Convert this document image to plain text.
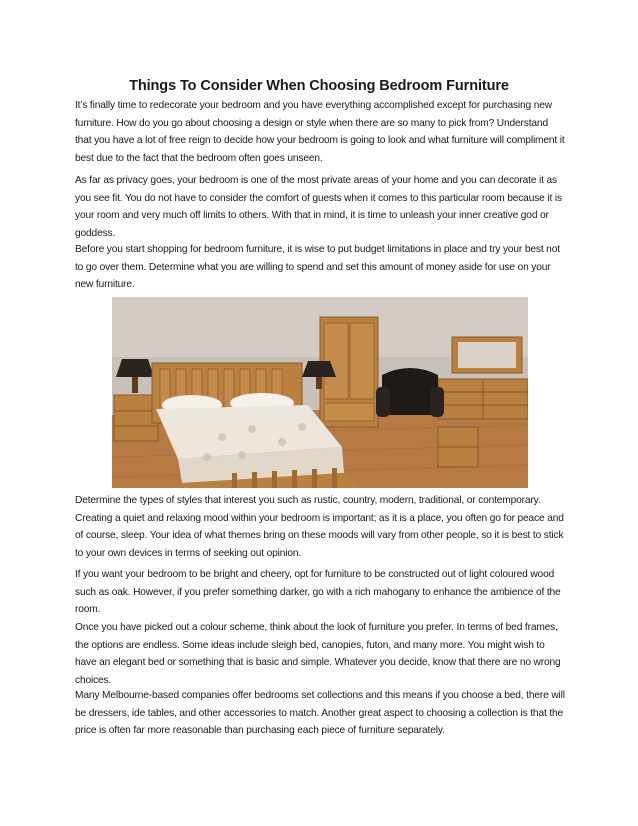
Things To Consider When Choosing Bedroom Furniture

It’s finally time to redecorate your bedroom and you have everything accomplished except for purchasing new furniture. How do you go about choosing a design or style when there are so many to pick from? Understand that you have a lot of free reign to decide how your bedroom is going to look and what furniture will compliment it best due to the fact that the bedroom often goes unseen.

As far as privacy goes, your bedroom is one of the most private areas of your home and you can decorate it as you see fit. You do not have to consider the comfort of guests when it comes to this particular room because it is your room and very much off limits to others. With that in mind, it is time to unleash your inner creative god or goddess.

Before you start shopping for bedroom furniture, it is wise to put budget limitations in place and try your best not to go over them. Determine what you are willing to spend and set this amount of money aside for use on your new furniture.

Determine the types of styles that interest you such as rustic, country, modern, traditional, or contemporary. Creating a quiet and relaxing mood within your bedroom is important; as it is a place, you often go for peace and of course, sleep. Your idea of what themes bring on these moods will vary from other people, so it is best to stick to your own devices in terms of seeking out opinion.

If you want your bedroom to be bright and cheery, opt for furniture to be constructed out of light coloured wood such as oak. However, if you prefer something darker, go with a rich mahogany to enhance the ambience of the room.

Once you have picked out a colour scheme, think about the look of furniture you prefer. In terms of bed frames, the options are endless. Some ideas include sleigh bed, canopies, futon, and many more. You might wish to have an elegant bed or something that is basic and simple. Whatever you decide, know that there are no wrong choices.

Many Melbourne-based companies offer bedrooms set collections and this means if you choose a bed, there will be dressers, ide tables, and other accessories to match. Another great aspect to choosing a collection is that the price is often far more reasonable than purchasing each piece of furniture separately.
